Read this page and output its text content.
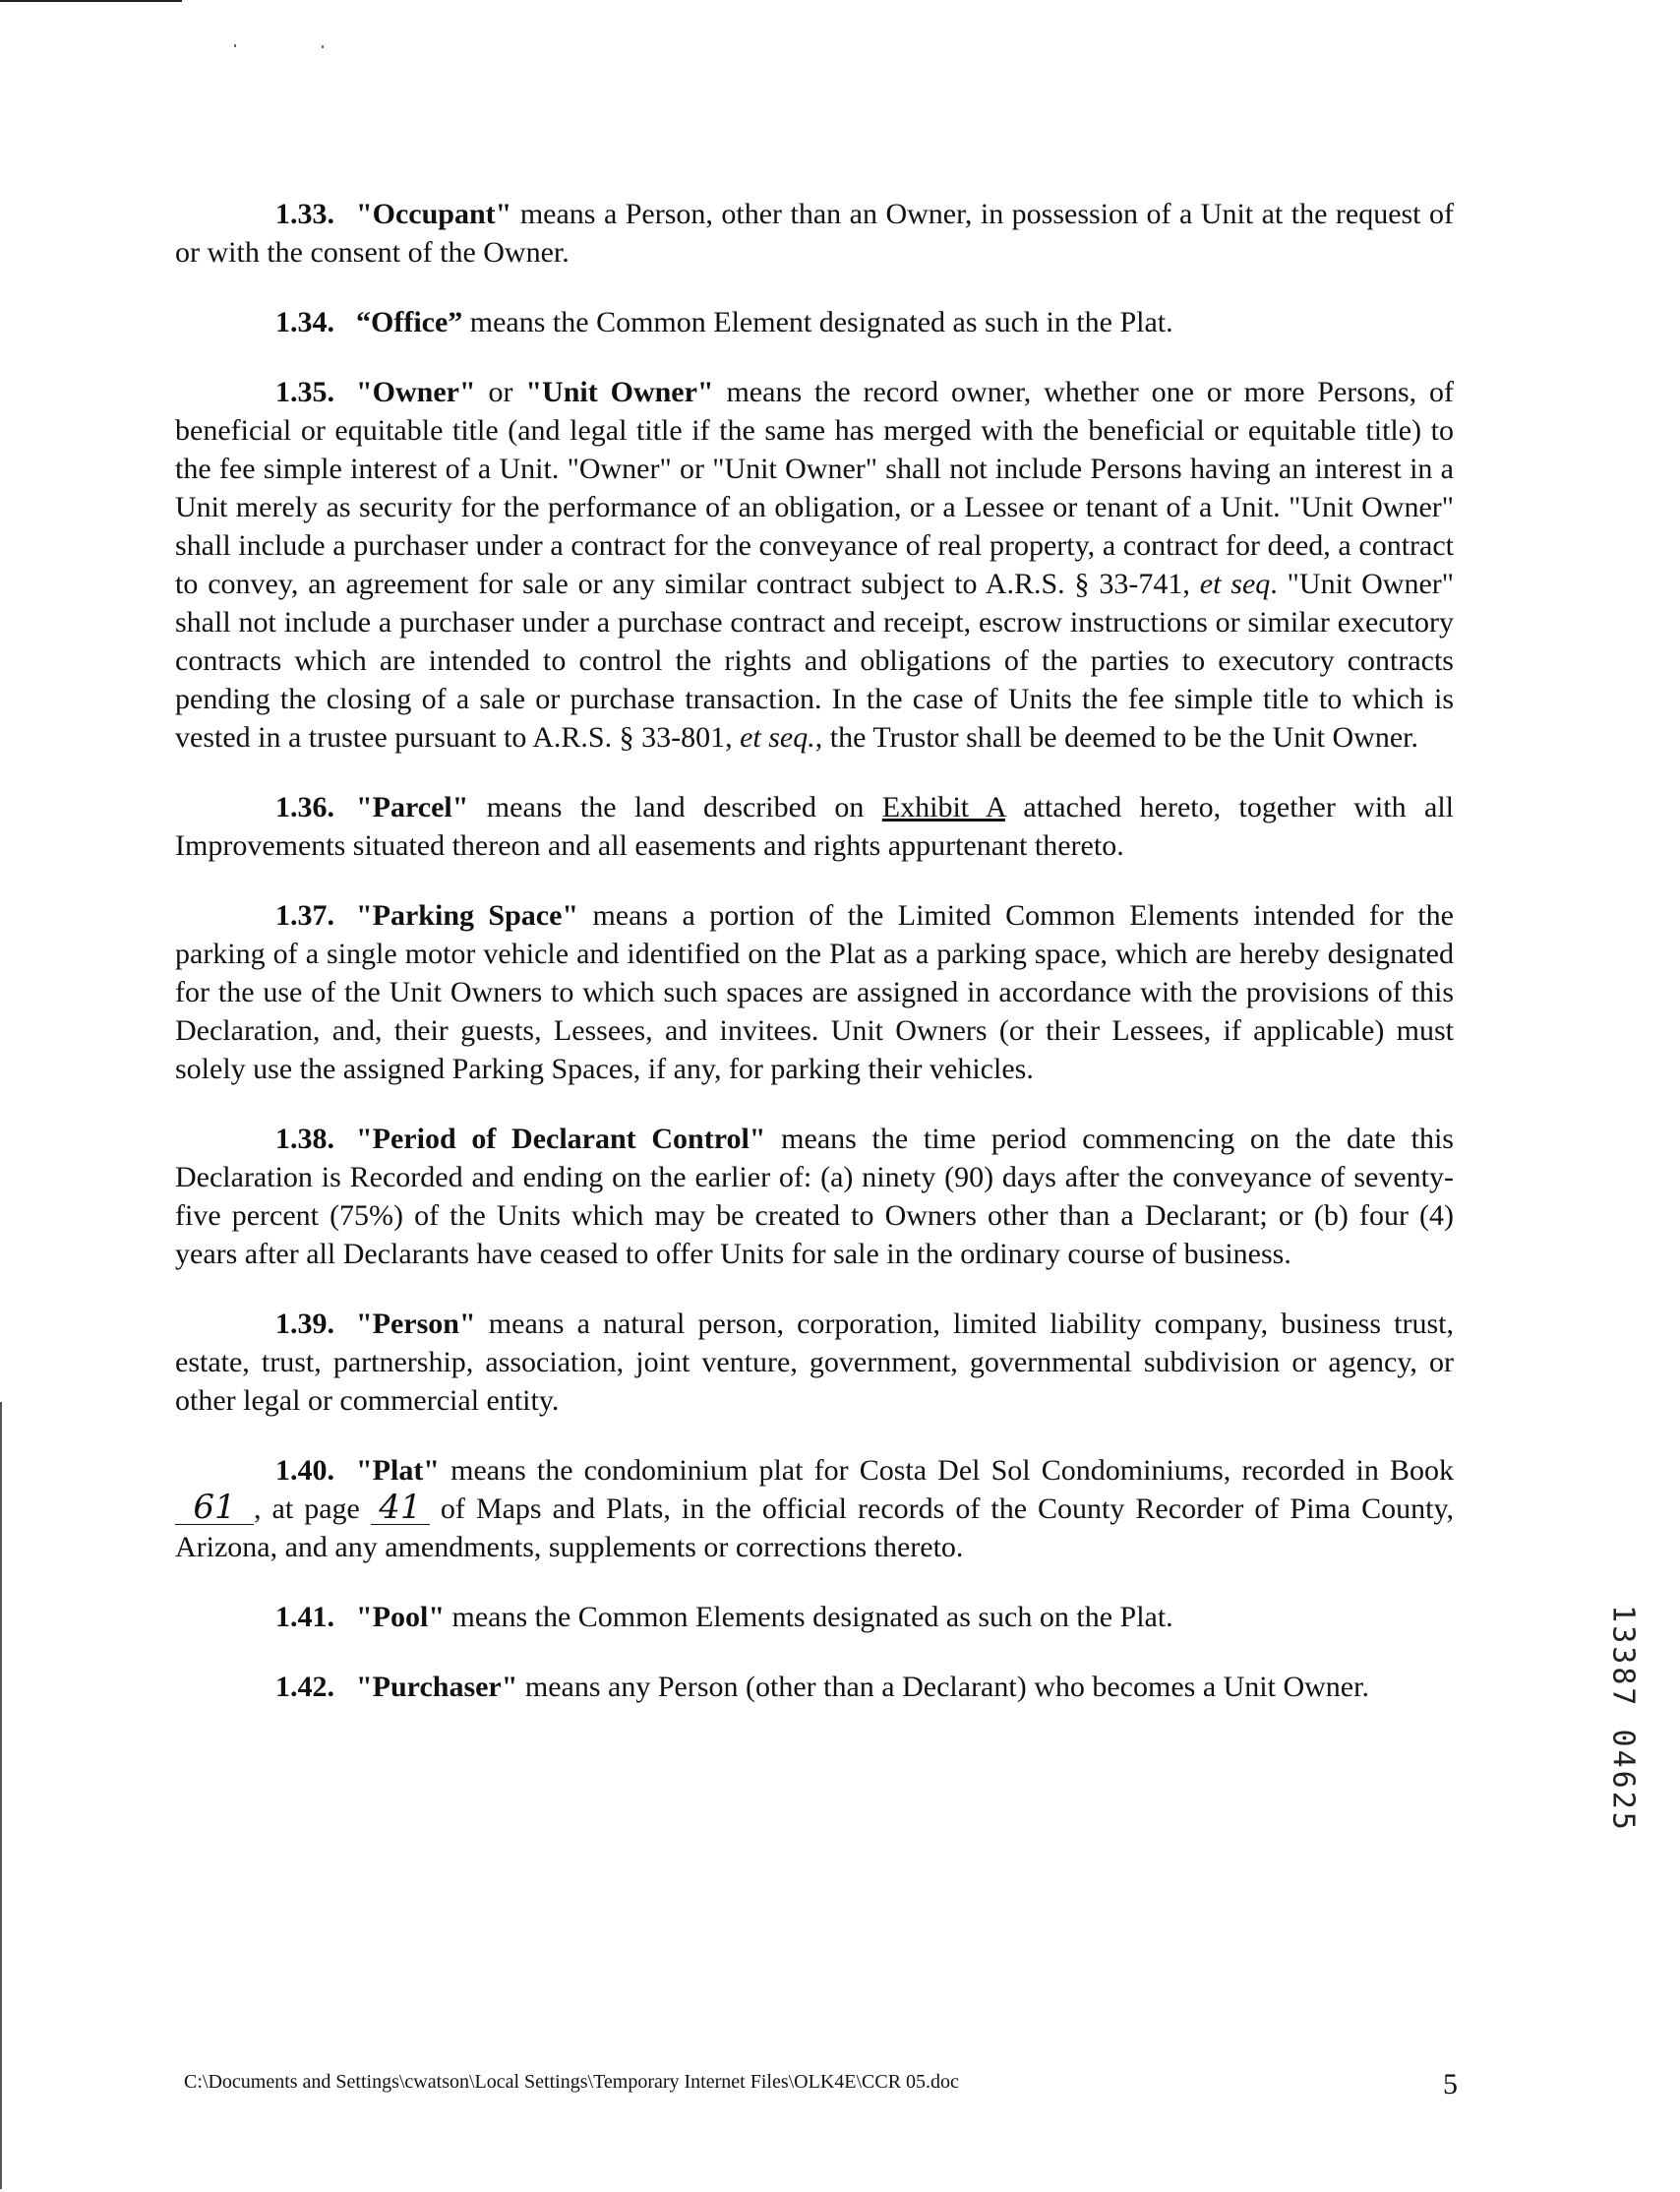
1.33. "Occupant" means a Person, other than an Owner, in possession of a Unit at the request of or with the consent of the Owner.

1.34. “Office” means the Common Element designated as such in the Plat.

1.35. "Owner" or "Unit Owner" means the record owner, whether one or more Persons, of beneficial or equitable title (and legal title if the same has merged with the beneficial or equitable title) to the fee simple interest of a Unit. "Owner" or "Unit Owner" shall not include Persons having an interest in a Unit merely as security for the performance of an obligation, or a Lessee or tenant of a Unit. "Unit Owner" shall include a purchaser under a contract for the conveyance of real property, a contract for deed, a contract to convey, an agreement for sale or any similar contract subject to A.R.S. § 33-741, et seq. "Unit Owner" shall not include a purchaser under a purchase contract and receipt, escrow instructions or similar executory contracts which are intended to control the rights and obligations of the parties to executory contracts pending the closing of a sale or purchase transaction. In the case of Units the fee simple title to which is vested in a trustee pursuant to A.R.S. § 33-801, et seq., the Trustor shall be deemed to be the Unit Owner.

1.36. "Parcel" means the land described on Exhibit A attached hereto, together with all Improvements situated thereon and all easements and rights appurtenant thereto.

1.37. "Parking Space" means a portion of the Limited Common Elements intended for the parking of a single motor vehicle and identified on the Plat as a parking space, which are hereby designated for the use of the Unit Owners to which such spaces are assigned in accordance with the provisions of this Declaration, and, their guests, Lessees, and invitees. Unit Owners (or their Lessees, if applicable) must solely use the assigned Parking Spaces, if any, for parking their vehicles.

1.38. "Period of Declarant Control" means the time period commencing on the date this Declaration is Recorded and ending on the earlier of: (a) ninety (90) days after the conveyance of seventy-five percent (75%) of the Units which may be created to Owners other than a Declarant; or (b) four (4) years after all Declarants have ceased to offer Units for sale in the ordinary course of business.

1.39. "Person" means a natural person, corporation, limited liability company, business trust, estate, trust, partnership, association, joint venture, government, governmental subdivision or agency, or other legal or commercial entity.

1.40. "Plat" means the condominium plat for Costa Del Sol Condominiums, recorded in Book 61 , at page 41 of Maps and Plats, in the official records of the County Recorder of Pima County, Arizona, and any amendments, supplements or corrections thereto.

1.41. "Pool" means the Common Elements designated as such on the Plat.

1.42. "Purchaser" means any Person (other than a Declarant) who becomes a Unit Owner.

C:\Documents and Settings\cwatson\Local Settings\Temporary Internet Files\OLK4E\CCR 05.doc	5
13387 04625
